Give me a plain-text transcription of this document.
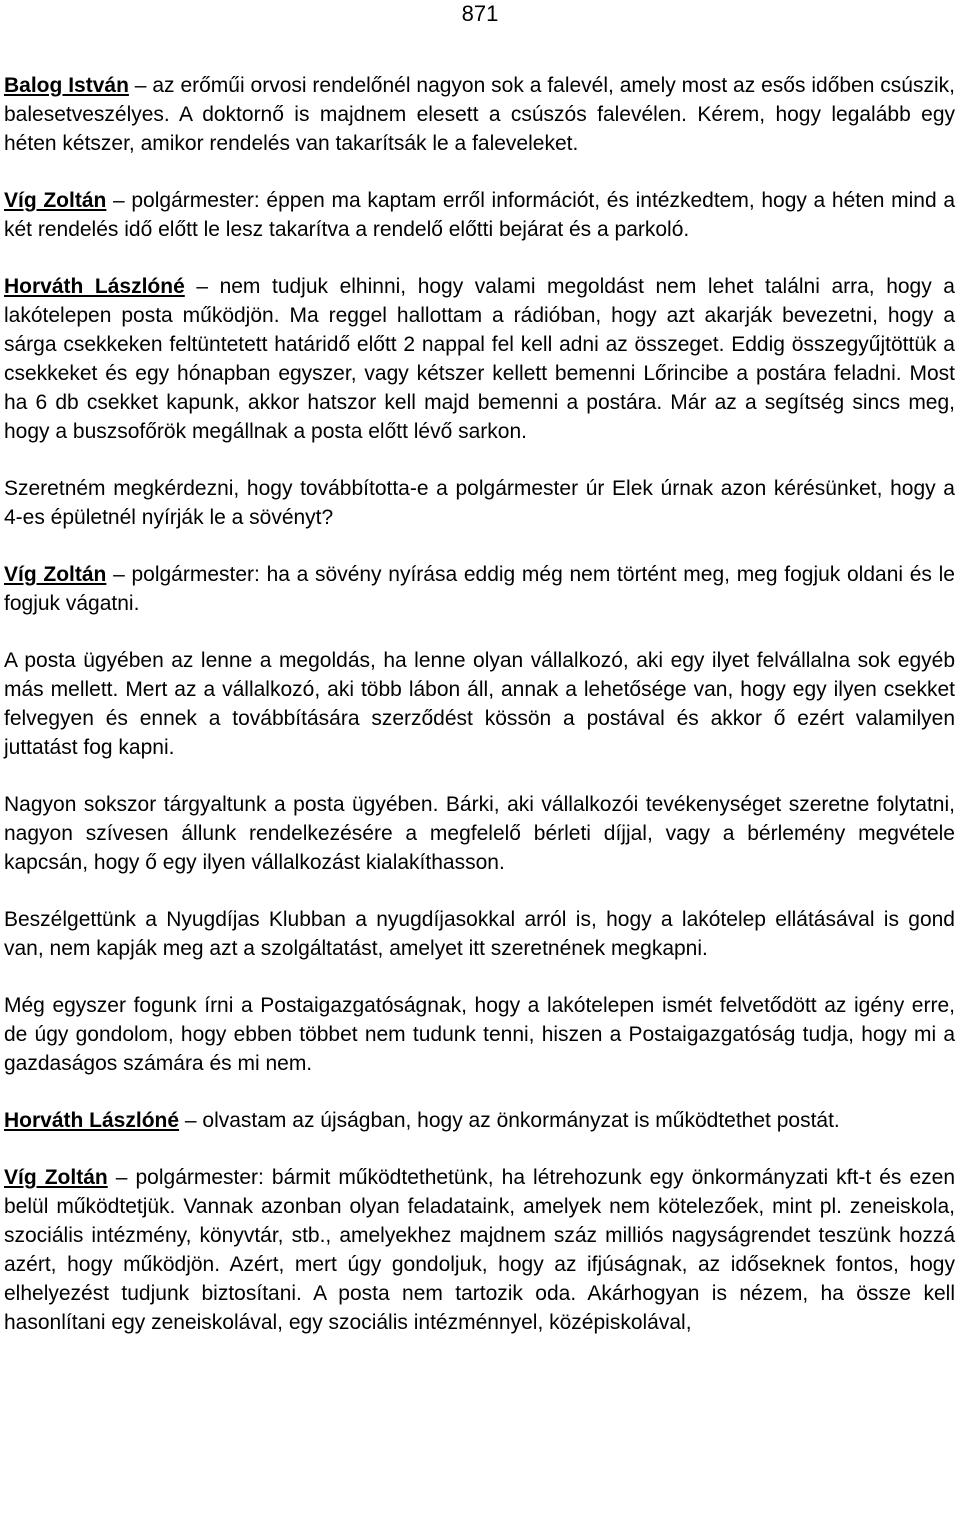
871

Balog István – az erőműi orvosi rendelőnél nagyon sok a falevél, amely most az esős időben csúszik, balesetveszélyes. A doktornő is majdnem elesett a csúszós falevélen. Kérem, hogy legalább egy héten kétszer, amikor rendelés van takarítsák le a faleveleket.

Víg Zoltán – polgármester: éppen ma kaptam erről információt, és intézkedtem, hogy a héten mind a két rendelés idő előtt le lesz takarítva a rendelő előtti bejárat és a parkoló.

Horváth Lászlóné – nem tudjuk elhinni, hogy valami megoldást nem lehet találni arra, hogy a lakótelepen posta működjön. Ma reggel hallottam a rádióban, hogy azt akarják bevezetni, hogy a sárga csekkeken feltüntetett határidő előtt 2 nappal fel kell adni az összeget. Eddig összegyűjtöttük a csekkeket és egy hónapban egyszer, vagy kétszer kellett bemenni Lőrincibe a postára feladni. Most ha 6 db csekket kapunk, akkor hatszor kell majd bemenni a postára. Már az a segítség sincs meg, hogy a buszsofőrök megállnak a posta előtt lévő sarkon.

Szeretném megkérdezni, hogy továbbította-e a polgármester úr Elek úrnak azon kérésünket, hogy a 4-es épületnél nyírják le a sövényt?

Víg Zoltán – polgármester: ha a sövény nyírása eddig még nem történt meg, meg fogjuk oldani és le fogjuk vágatni.

A posta ügyében az lenne a megoldás, ha lenne olyan vállalkozó, aki egy ilyet felvállalna sok egyéb más mellett. Mert az a vállalkozó, aki több lábon áll, annak a lehetősége van, hogy egy ilyen csekket felvegyen és ennek a továbbítására szerződést kössön a postával és akkor ő ezért valamilyen juttatást fog kapni.

Nagyon sokszor tárgyaltunk a posta ügyében. Bárki, aki vállalkozói tevékenységet szeretne folytatni, nagyon szívesen állunk rendelkezésére a megfelelő bérleti díjjal, vagy a bérlemény megvétele kapcsán, hogy ő egy ilyen vállalkozást kialakíthasson.

Beszélgettünk a Nyugdíjas Klubban a nyugdíjasokkal arról is, hogy a lakótelep ellátásával is gond van, nem kapják meg azt a szolgáltatást, amelyet itt szeretnének megkapni.

Még egyszer fogunk írni a Postaigazgatóságnak, hogy a lakótelepen ismét felvetődött az igény erre, de úgy gondolom, hogy ebben többet nem tudunk tenni, hiszen a Postaigazgatóság tudja, hogy mi a gazdaságos számára és mi nem.

Horváth Lászlóné – olvastam az újságban, hogy az önkormányzat is működtethet postát.

Víg Zoltán – polgármester: bármit működtethetünk, ha létrehozunk egy önkormányzati kft-t és ezen belül működtetjük. Vannak azonban olyan feladataink, amelyek nem kötelezőek, mint pl. zeneiskola, szociális intézmény, könyvtár, stb., amelyekhez majdnem száz milliós nagyságrendet teszünk hozzá azért, hogy működjön. Azért, mert úgy gondoljuk, hogy az ifjúságnak, az időseknek fontos, hogy elhelyezést tudjunk biztosítani. A posta nem tartozik oda. Akárhogyan is nézem, ha össze kell hasonlítani egy zeneiskolával, egy szociális intézménnyel, középiskolával,
